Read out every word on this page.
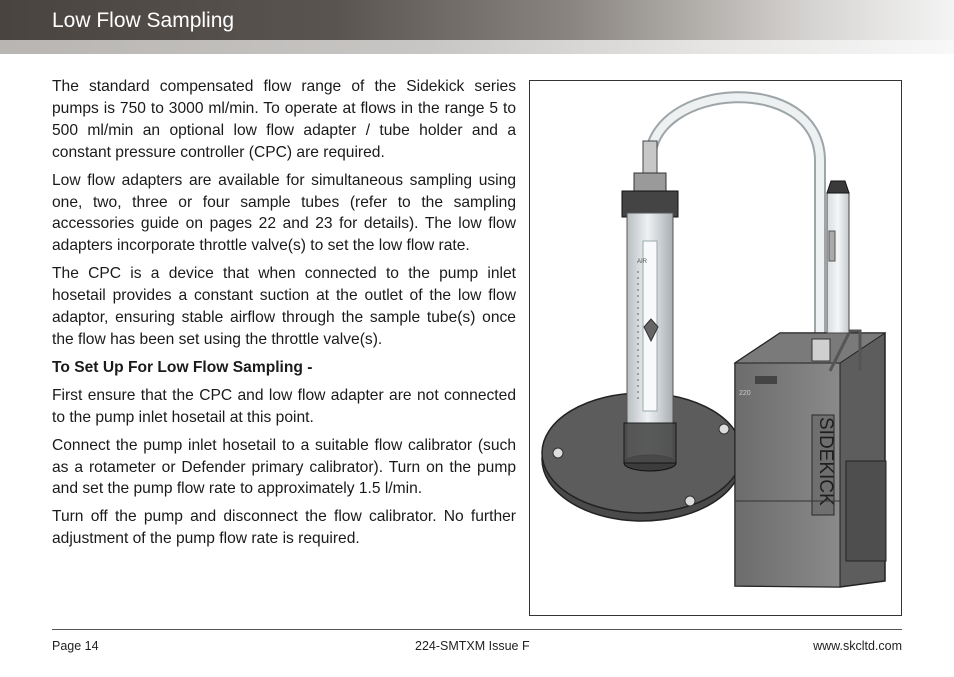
Low Flow Sampling

The standard compensated flow range of the Sidekick series pumps is 750 to 3000 ml/min. To operate at flows in the range 5 to 500 ml/min an optional low flow adapter / tube holder and a constant pressure controller (CPC) are required.

Low flow adapters are available for simultaneous sampling using one, two, three or four sample tubes (refer to the sampling accessories guide on pages 22 and 23 for details). The low flow adapters incorporate throttle valve(s) to set the low flow rate.

The CPC is a device that when connected to the pump inlet hosetail provides a constant suction at the outlet of the low flow adaptor, ensuring stable airflow through the sample tube(s) once the flow has been set using the throttle valve(s).

To Set Up For Low Flow Sampling -

First ensure that the CPC and low flow adapter are not connected to the pump inlet hosetail at this point.

Connect the pump inlet hosetail to a suitable flow calibrator (such as a rotameter or Defender primary calibrator). Turn on the pump and set the pump flow rate to approximately 1.5 l/min.

Turn off the pump and disconnect the flow calibrator. No further adjustment of the pump flow rate is required.

AIR
220
SIDEKICK
Page 14	224-SMTXM Issue F	www.skcltd.com
